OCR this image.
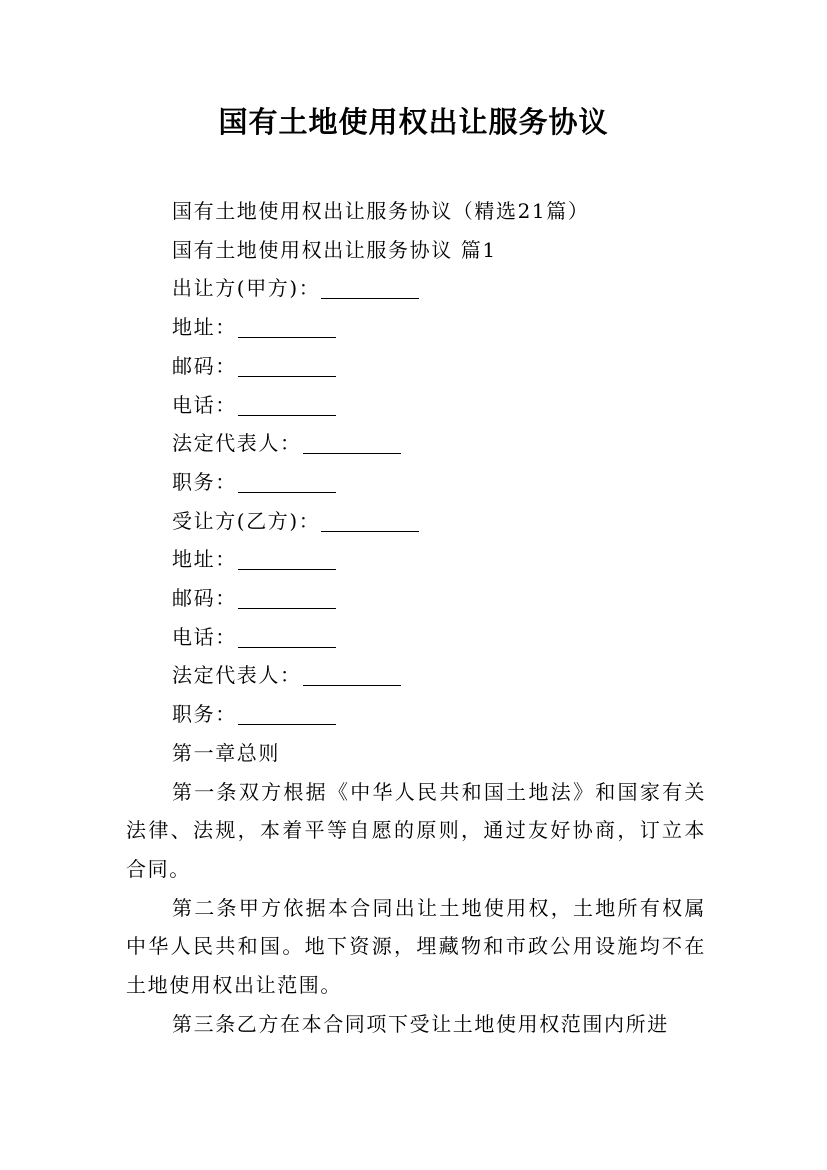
国有土地使用权出让服务协议
国有土地使用权出让服务协议（精选21篇）
国有土地使用权出让服务协议 篇1
出让方(甲方)：
地址：
邮码：
电话：
法定代表人：
职务：
受让方(乙方)：
地址：
邮码：
电话：
法定代表人：
职务：
第一章总则

第一条双方根据《中华人民共和国土地法》和国家有关法律、法规，本着平等自愿的原则，通过友好协商，订立本合同。

第二条甲方依据本合同出让土地使用权，土地所有权属中华人民共和国。地下资源，埋藏物和市政公用设施均不在土地使用权出让范围。

第三条乙方在本合同项下受让土地使用权范围内所进
